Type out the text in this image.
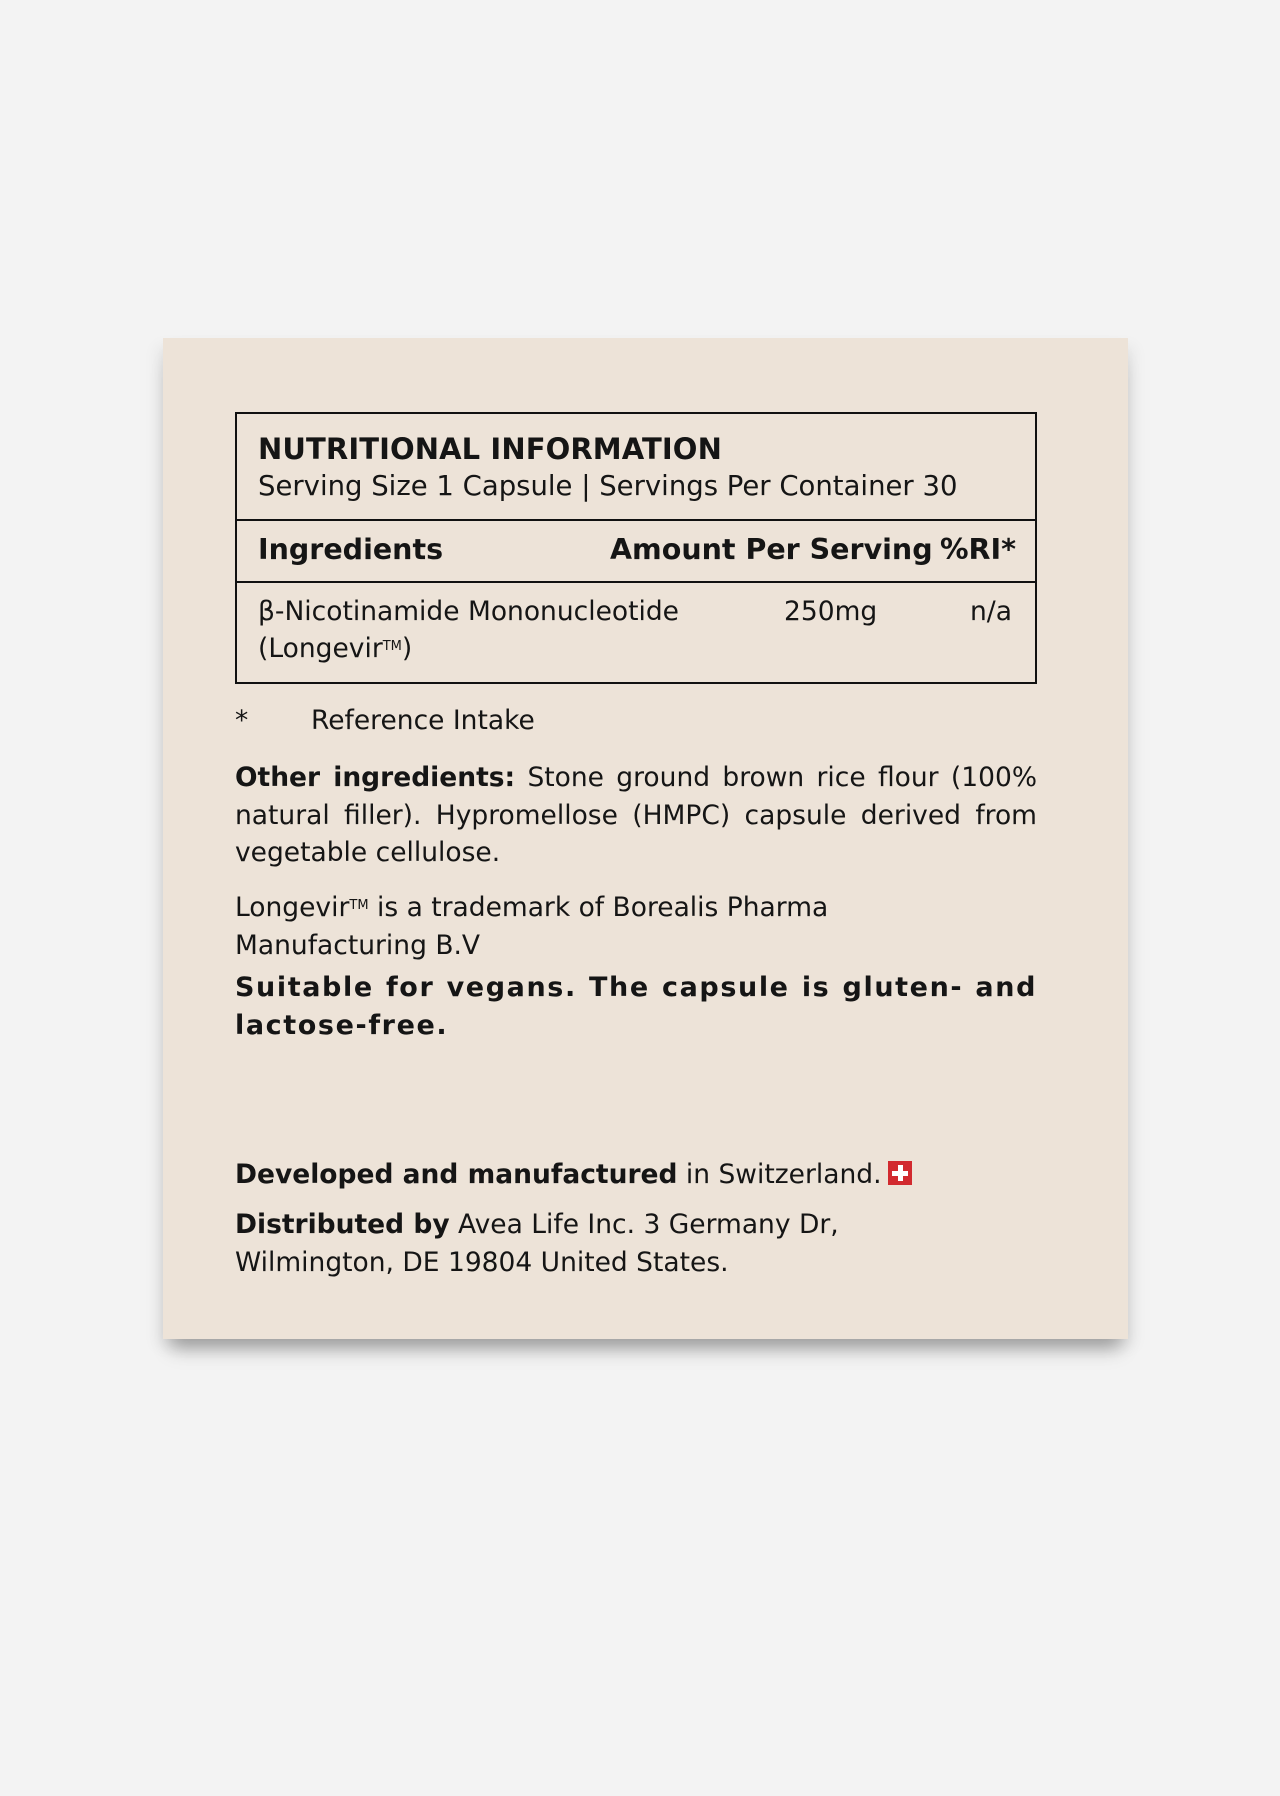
NUTRITIONAL INFORMATION
Serving Size 1 Capsule | Servings Per Container 30
Ingredients	Amount Per Serving %RI*
β-Nicotinamide Mononucleotide
(Longevir™)
250mg	n/a
* Reference Intake
Other ingredients: Stone ground brown rice flour (100% natural filler). Hypromellose (HMPC) capsule derived from vegetable cellulose.
Longevir™ is a trademark of Borealis Pharma
Manufacturing B.V
Suitable for vegans. The capsule is gluten- and lactose-free.
Developed and manufactured in Switzerland.
Distributed by Avea Life Inc. 3 Germany Dr,
Wilmington, DE 19804 United States.
